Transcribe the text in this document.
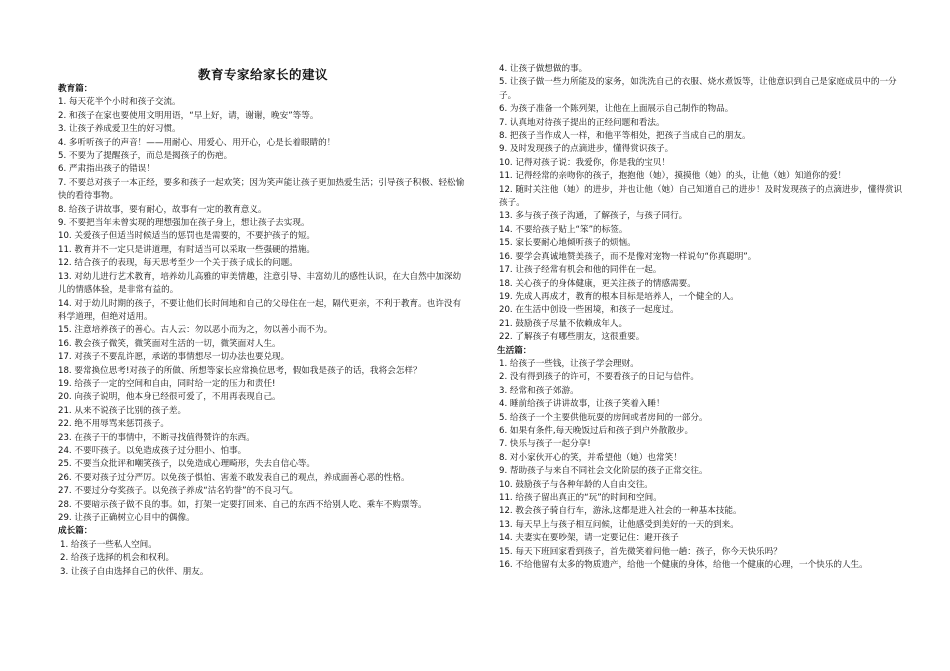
教育专家给家长的建议
教育篇：
1. 每天花半个小时和孩子交流。
2. 和孩子在家也要使用文明用语，“早上好，请，谢谢，晚安”等等。
3. 让孩子养成爱卫生的好习惯。
4. 多听听孩子的声音！——用耐心、用爱心、用开心，心是长着眼睛的！
5. 不要为了提醒孩子，而总是揭孩子的伤疤。
6. 严肃指出孩子的错误！
7. 不要总对孩子一本正经，要多和孩子一起欢笑；因为笑声能让孩子更加热爱生活；引导孩子积极、轻松愉快的看待事物。
8. 给孩子讲故事，要有耐心，故事有一定的教育意义。
9. 不要把当年未曾实现的理想强加在孩子身上，想让孩子去实现。
10. 关爱孩子但适当时候适当的惩罚也是需要的，不要护孩子的短。
11. 教育并不一定只是讲道理，有时适当可以采取一些强硬的措施。
12. 结合孩子的表现，每天思考至少一个关于孩子成长的问题。
13. 对幼儿进行艺术教育，培养幼儿高雅的审美情趣，注意引导、丰富幼儿的感性认识，在大自然中加深幼儿的情感体验，是非常有益的。
14. 对于幼儿时期的孩子，不要让他们长时间地和自己的父母住在一起，隔代更亲，不利于教育。也许没有科学道理，但绝对适用。
15. 注意培养孩子的善心。古人云：勿以恶小而为之，勿以善小而不为。
16. 教会孩子微笑，微笑面对生活的一切，微笑面对人生。
17. 对孩子不要乱许愿，承诺的事情想尽一切办法也要兑现。
18. 要常换位思考!对孩子的所做、所想等家长应常换位思考，假如我是孩子的话，我将会怎样？
19. 给孩子一定的空间和自由，同时给一定的压力和责任!
20. 向孩子说明，他本身已经很可爱了，不用再表现自己。
21. 从来不说孩子比别的孩子差。
22. 绝不用辱骂来惩罚孩子。
23. 在孩子干的事情中，不断寻找值得赞许的东西。
24. 不要吓孩子。以免造成孩子过分胆小、怕事。
25. 不要当众批评和嘲笑孩子，以免造成心理畸形，失去自信心等。
26. 不要对孩子过分严厉。以免孩子惧怕、害羞不敢发表自己的观点，养成面善心恶的性格。
27. 不要过分夸奖孩子。以免孩子养成“沽名钓誉”的不良习气。
28. 不要暗示孩子做不良的事。如，打架一定要打回来、自己的东西不给别人吃、乘车不购票等。
29. 让孩子正确树立心目中的偶像。
成长篇：
1. 给孩子一些私人空间。
2. 给孩子选择的机会和权利。
3. 让孩子自由选择自己的伙伴、朋友。
4. 让孩子做想做的事。
5. 让孩子做一些力所能及的家务，如洗洗自己的衣服、烧水煮饭等，让他意识到自己是家庭成员中的一分子。
6. 为孩子准备一个陈列架，让他在上面展示自己制作的物品。
7. 认真地对待孩子提出的正经问题和看法。
8. 把孩子当作成人一样，和他平等相处，把孩子当成自己的朋友。
9. 及时发现孩子的点滴进步，懂得赏识孩子。
10. 记得对孩子说：我爱你，你是我的宝贝！
11. 记得经常的亲吻你的孩子，抱抱他（她），摸摸他（她）的头，让他（她）知道你的爱！
12. 随时关注他（她）的进步，并也让他（她）自己知道自己的进步！及时发现孩子的点滴进步，懂得赏识孩子。
13. 多与孩子孩子沟通，了解孩子，与孩子同行。
14. 不要给孩子贴上“笨”的标签。
15. 家长要耐心地倾听孩子的烦恼。
16. 要学会真诚地赞美孩子，而不是像对宠物一样说句“你真聪明”。
17. 让孩子经常有机会和他的同伴在一起。
18. 关心孩子的身体健康，更关注孩子的情感需要。
19. 先成人再成才，教育的根本目标是培养人，一个健全的人。
20. 在生活中创设一些困境，和孩子一起度过。
21. 鼓励孩子尽量不依赖成年人。
22. 了解孩子有哪些朋友，这很重要。
生活篇：
1. 给孩子一些钱，让孩子学会理财。
2. 没有得到孩子的许可，不要看孩子的日记与信件。
3. 经常和孩子郊游。
4. 睡前给孩子讲讲故事，让孩子笑着入睡！
5. 给孩子一个主要供他玩耍的房间或者房间的一部分。
6. 如果有条件,每天晚饭过后和孩子到户外散散步。
7. 快乐与孩子一起分享!
8. 对小家伙开心的笑，并希望他（她）也常笑！
9. 帮助孩子与来自不同社会文化阶层的孩子正常交往。
10. 鼓励孩子与各种年龄的人自由交往。
11. 给孩子留出真正的“玩”的时间和空间。
12. 教会孩子骑自行车，游泳,这都是进入社会的一种基本技能。
13. 每天早上与孩子相互问候，让他感受到美好的一天的到来。
14. 夫妻实在要吵架，请一定要记住：避开孩子
15. 每天下班回家看到孩子，首先微笑着问他一趟：孩子，你今天快乐吗？
16. 不给他留有太多的物质遗产，给他一个健康的身体，给他一个健康的心理，一个快乐的人生。
